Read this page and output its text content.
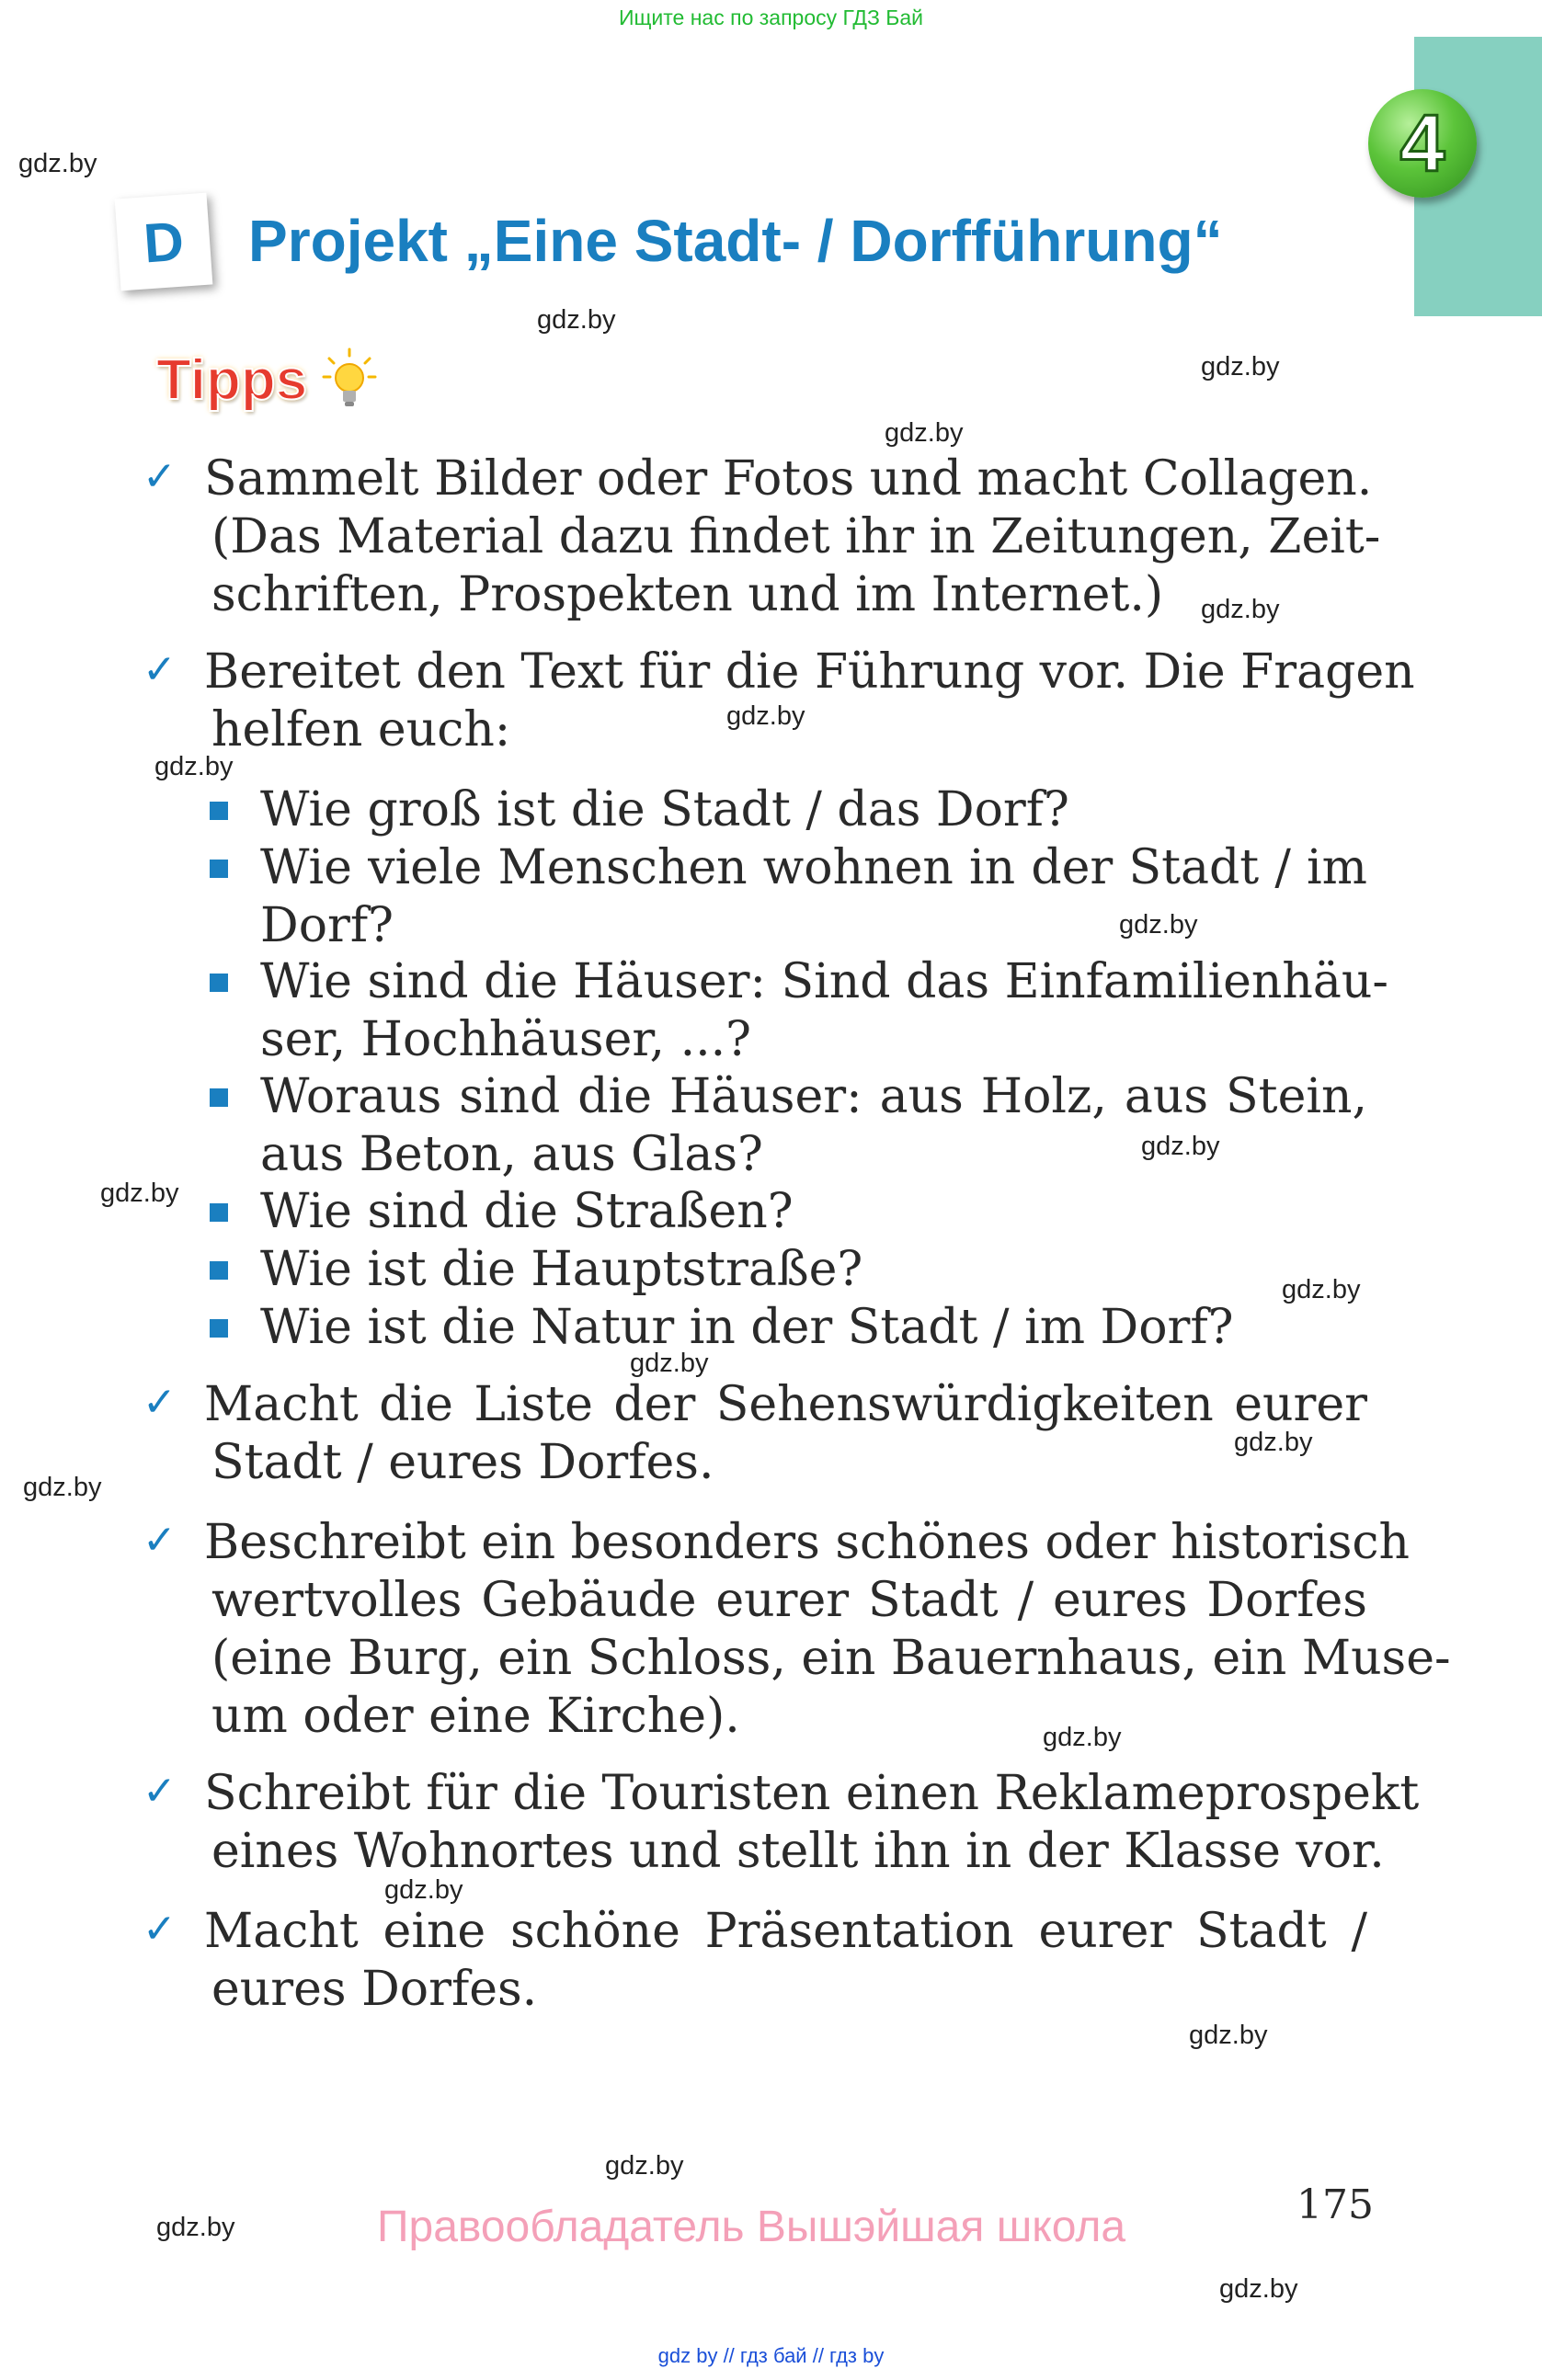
Ищите нас по запросу ГДЗ Бай
4
D Projekt „Eine Stadt- / Dorfführung“
Tipps
✓ Sammelt Bilder oder Fotos und macht Collagen.
(Das Material dazu findet ihr in Zeitungen, Zeit-
schriften, Prospekten und im Internet.)
✓ Bereitet den Text für die Führung vor. Die Fragen
helfen euch:
Wie groß ist die Stadt / das Dorf?
Wie viele Menschen wohnen in der Stadt / im
Dorf?
Wie sind die Häuser: Sind das Einfamilienhäu-
ser, Hochhäuser, ...?
Woraus sind die Häuser: aus Holz, aus Stein,
aus Beton, aus Glas?
Wie sind die Straßen?
Wie ist die Hauptstraße?
Wie ist die Natur in der Stadt / im Dorf?
✓ Macht die Liste der Sehenswürdigkeiten eurer
Stadt / eures Dorfes.
✓ Beschreibt ein besonders schönes oder historisch
wertvolles Gebäude eurer Stadt / eures Dorfes
(eine Burg, ein Schloss, ein Bauernhaus, ein Muse-
um oder eine Kirche).
✓ Schreibt für die Touristen einen Reklameprospekt
eines Wohnortes und stellt ihn in der Klasse vor.
✓ Macht eine schöne Präsentation eurer Stadt /
eures Dorfes.
gdz.by
gdz.by
gdz.by
gdz.by
gdz.by
gdz.by
gdz.by
gdz.by
gdz.by
gdz.by
gdz.by
gdz.by
gdz.by
gdz.by
gdz.by
gdz.by
gdz.by
gdz.by
gdz.by
gdz.by
175
Правообладатель Вышэйшая школа
gdz by // гдз бай // гдз by
